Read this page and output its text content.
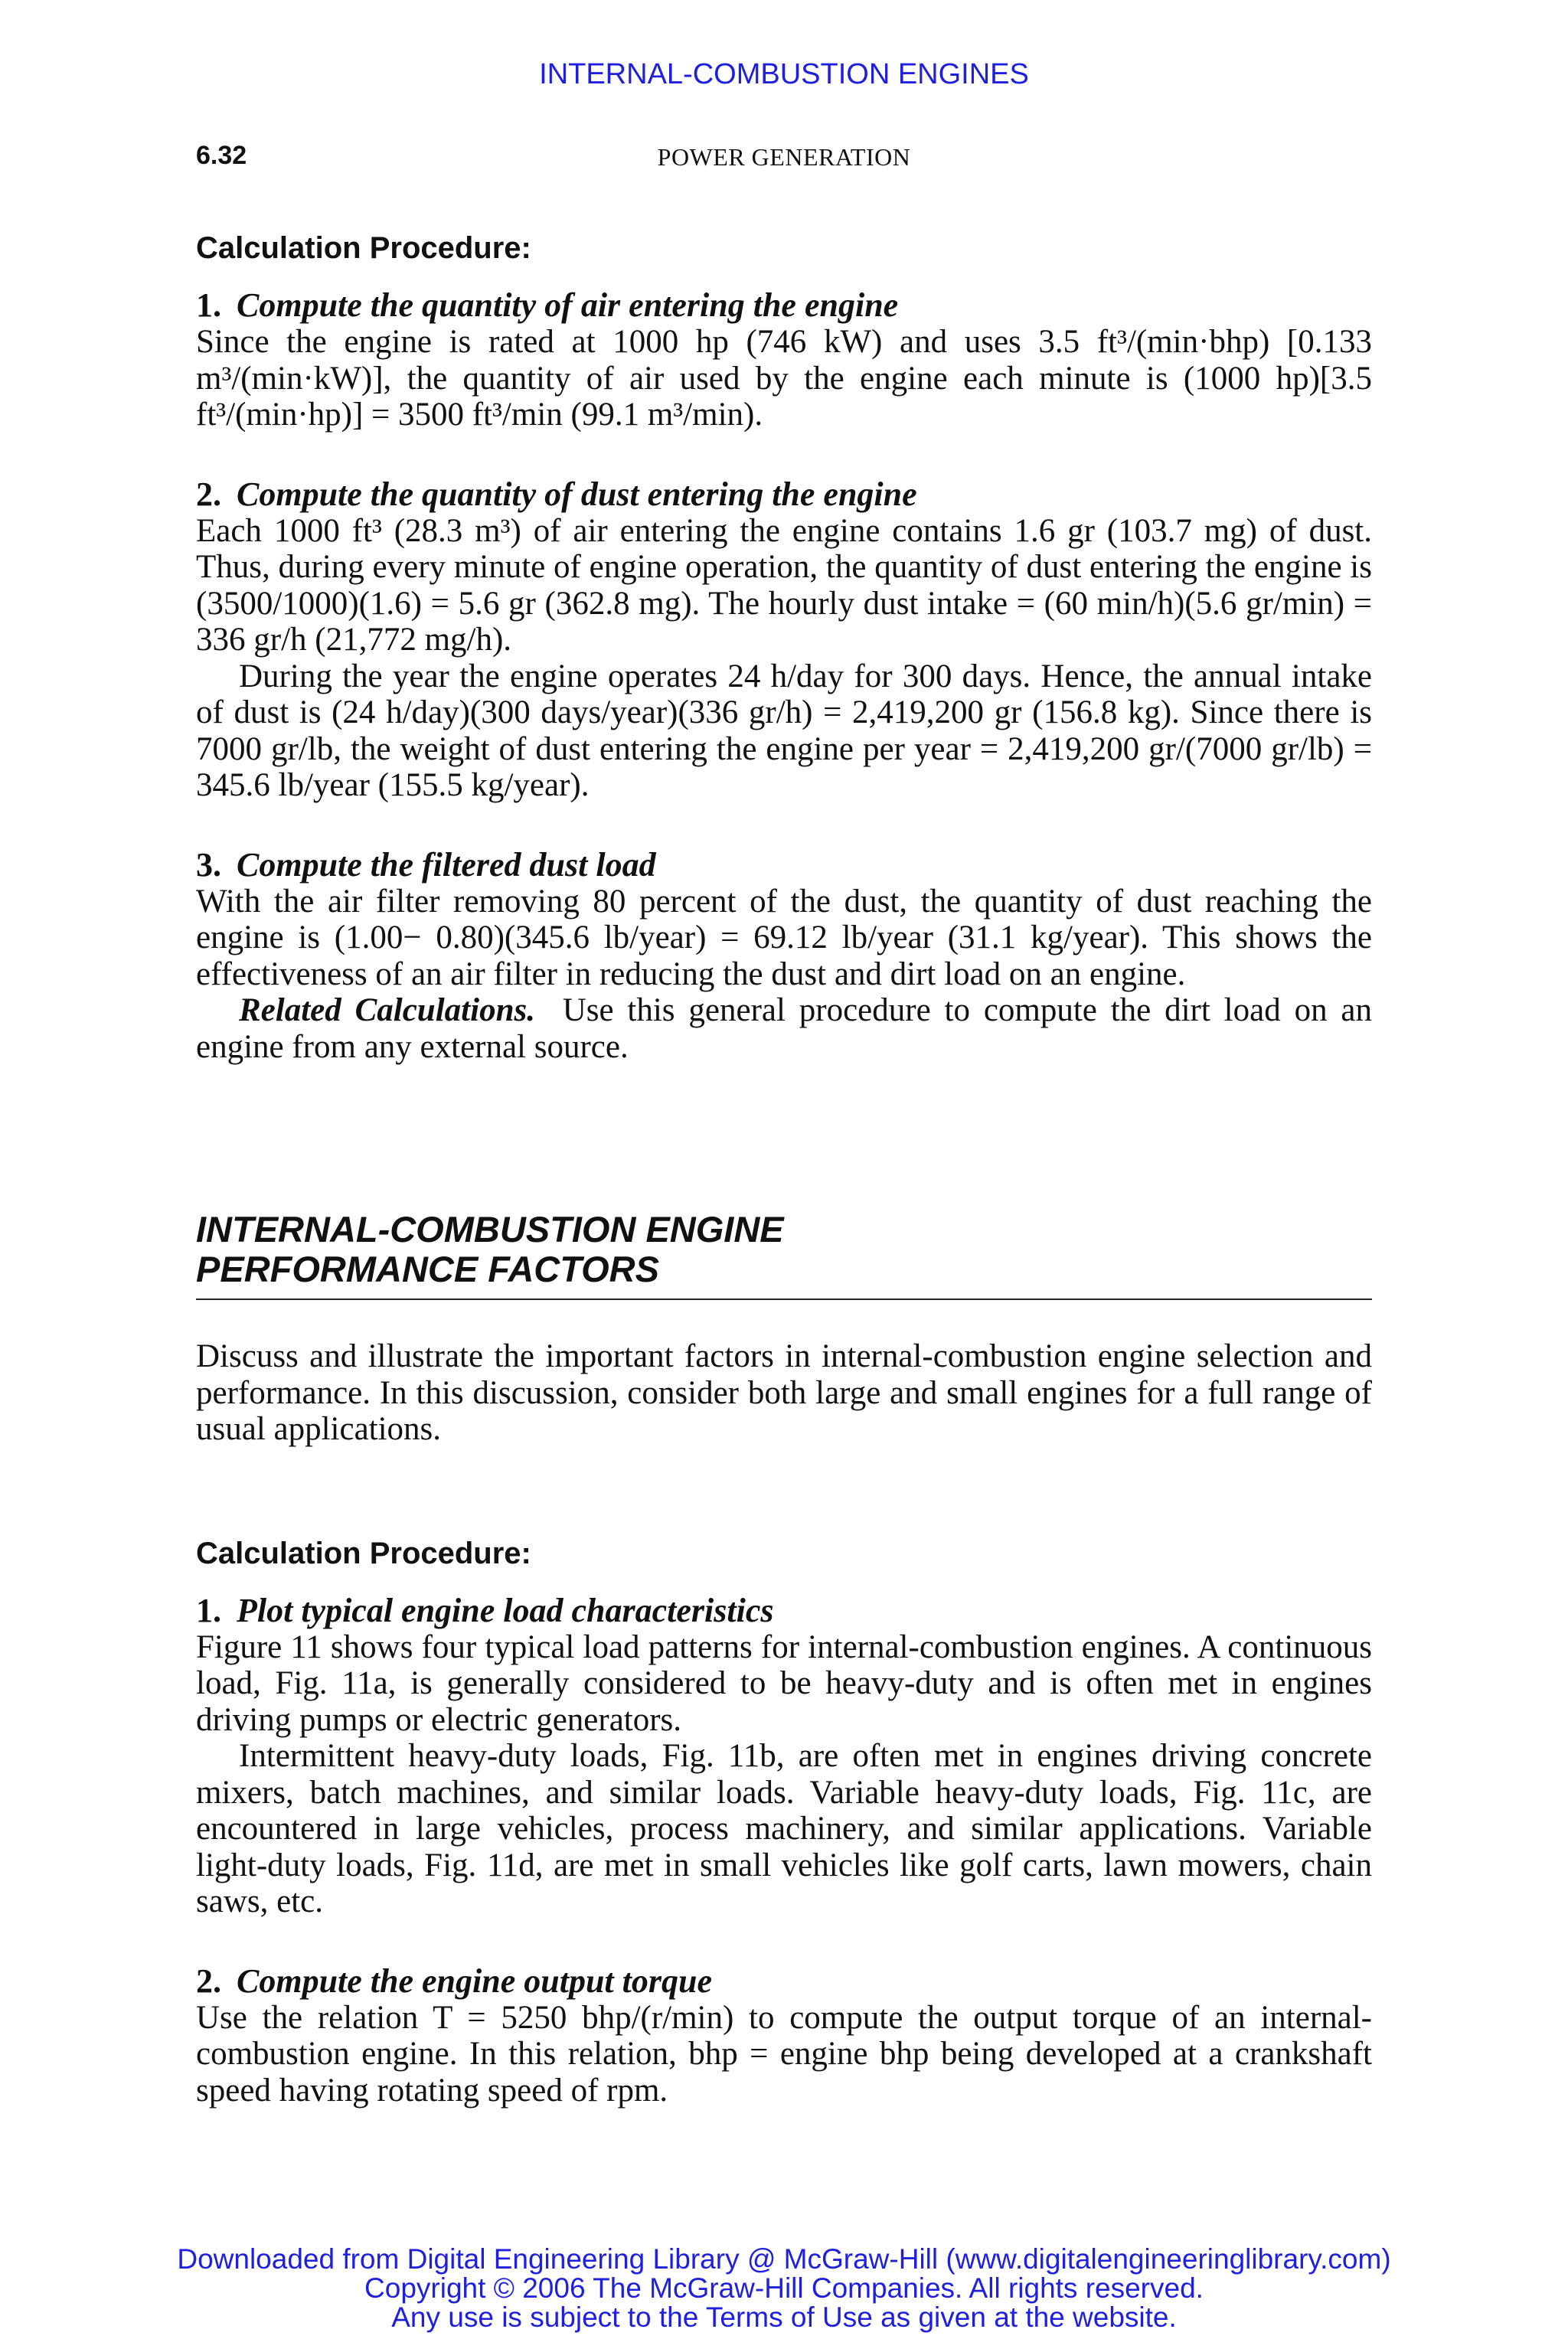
INTERNAL-COMBUSTION ENGINES
6.32	POWER GENERATION

Calculation Procedure:

1. Compute the quantity of air entering the engine

Since the engine is rated at 1000 hp (746 kW) and uses 3.5 ft³/(min·bhp) [0.133 m³/(min·kW)], the quantity of air used by the engine each minute is (1000 hp)[3.5 ft³/(min·hp)] = 3500 ft³/min (99.1 m³/min).

2. Compute the quantity of dust entering the engine

Each 1000 ft³ (28.3 m³) of air entering the engine contains 1.6 gr (103.7 mg) of dust. Thus, during every minute of engine operation, the quantity of dust entering the engine is (3500/1000)(1.6) = 5.6 gr (362.8 mg). The hourly dust intake = (60 min/h)(5.6 gr/min) = 336 gr/h (21,772 mg/h).

During the year the engine operates 24 h/day for 300 days. Hence, the annual intake of dust is (24 h/day)(300 days/year)(336 gr/h) = 2,419,200 gr (156.8 kg). Since there is 7000 gr/lb, the weight of dust entering the engine per year = 2,419,200 gr/(7000 gr/lb) = 345.6 lb/year (155.5 kg/year).

3. Compute the filtered dust load

With the air filter removing 80 percent of the dust, the quantity of dust reaching the engine is (1.00− 0.80)(345.6 lb/year) = 69.12 lb/year (31.1 kg/year). This shows the effectiveness of an air filter in reducing the dust and dirt load on an engine.

Related Calculations. Use this general procedure to compute the dirt load on an engine from any external source.

INTERNAL-COMBUSTION ENGINE
PERFORMANCE FACTORS

Discuss and illustrate the important factors in internal-combustion engine selection and performance. In this discussion, consider both large and small engines for a full range of usual applications.

Calculation Procedure:

1. Plot typical engine load characteristics

Figure 11 shows four typical load patterns for internal-combustion engines. A continuous load, Fig. 11a, is generally considered to be heavy-duty and is often met in engines driving pumps or electric generators.

Intermittent heavy-duty loads, Fig. 11b, are often met in engines driving concrete mixers, batch machines, and similar loads. Variable heavy-duty loads, Fig. 11c, are encountered in large vehicles, process machinery, and similar applications. Variable light-duty loads, Fig. 11d, are met in small vehicles like golf carts, lawn mowers, chain saws, etc.

2. Compute the engine output torque

Use the relation T = 5250 bhp/(r/min) to compute the output torque of an internal-combustion engine. In this relation, bhp = engine bhp being developed at a crankshaft speed having rotating speed of rpm.

Downloaded from Digital Engineering Library @ McGraw-Hill (www.digitalengineeringlibrary.com)
Copyright © 2006 The McGraw-Hill Companies. All rights reserved.
Any use is subject to the Terms of Use as given at the website.
